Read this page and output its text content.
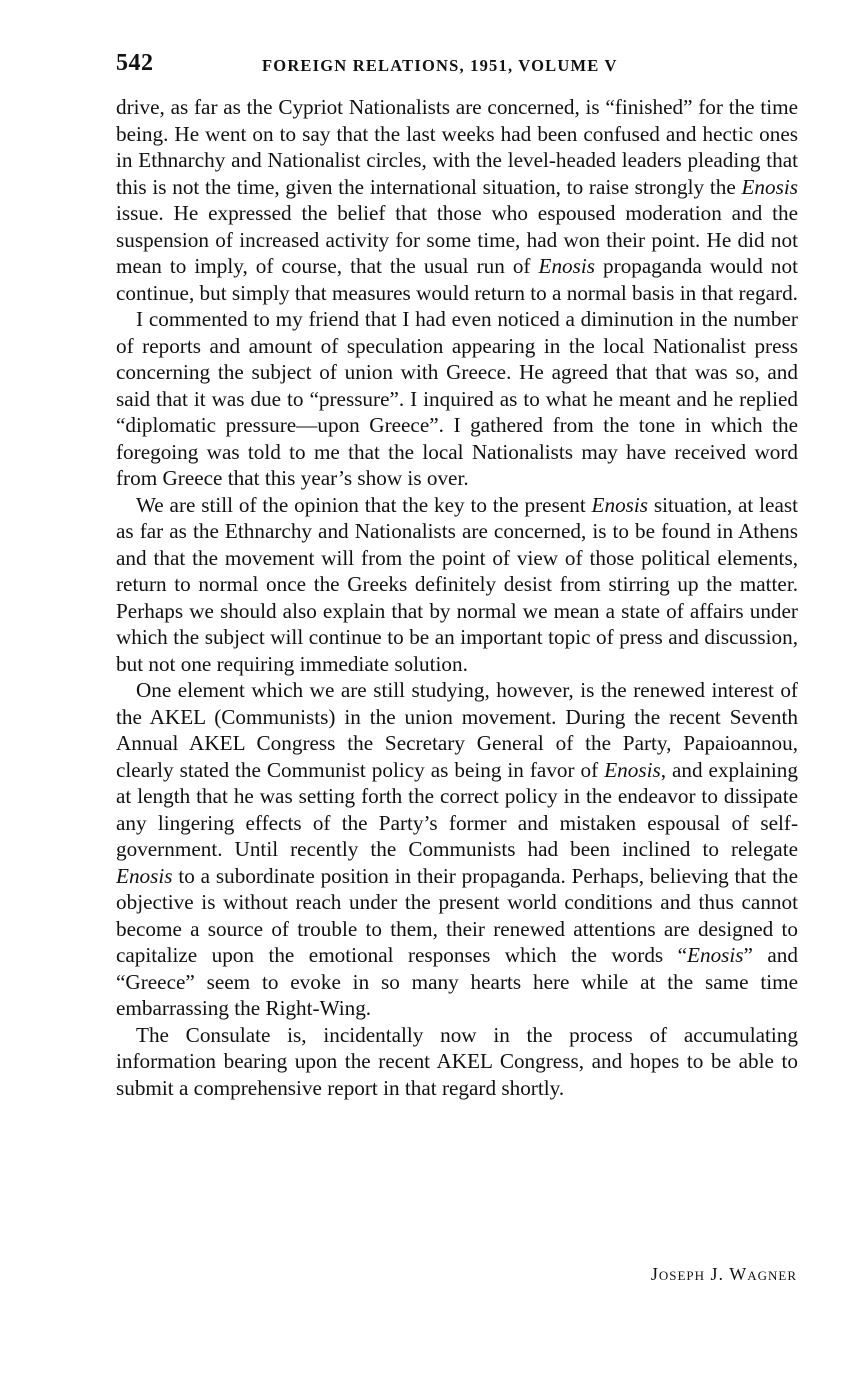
542	FOREIGN RELATIONS, 1951, VOLUME V

drive, as far as the Cypriot Nationalists are concerned, is “finished” for the time being. He went on to say that the last weeks had been confused and hectic ones in Ethnarchy and Nationalist circles, with the level-headed leaders pleading that this is not the time, given the international situation, to raise strongly the Enosis issue. He expressed the belief that those who espoused moderation and the suspension of increased activity for some time, had won their point. He did not mean to imply, of course, that the usual run of Enosis propaganda would not continue, but simply that measures would return to a normal basis in that regard.

I commented to my friend that I had even noticed a diminution in the number of reports and amount of speculation appearing in the local Nationalist press concerning the subject of union with Greece. He agreed that that was so, and said that it was due to “pressure”. I inquired as to what he meant and he replied “diplomatic pressure—upon Greece”. I gathered from the tone in which the foregoing was told to me that the local Nationalists may have received word from Greece that this year’s show is over.

We are still of the opinion that the key to the present Enosis situation, at least as far as the Ethnarchy and Nationalists are concerned, is to be found in Athens and that the movement will from the point of view of those political elements, return to normal once the Greeks definitely desist from stirring up the matter. Perhaps we should also explain that by normal we mean a state of affairs under which the subject will continue to be an important topic of press and discussion, but not one requiring immediate solution.

One element which we are still studying, however, is the renewed interest of the AKEL (Communists) in the union movement. During the recent Seventh Annual AKEL Congress the Secretary General of the Party, Papaioannou, clearly stated the Communist policy as being in favor of Enosis, and explaining at length that he was setting forth the correct policy in the endeavor to dissipate any lingering effects of the Party’s former and mistaken espousal of self-government. Until recently the Communists had been inclined to relegate Enosis to a subordinate position in their propaganda. Perhaps, believing that the objective is without reach under the present world conditions and thus cannot become a source of trouble to them, their renewed attentions are designed to capitalize upon the emotional responses which the words “Enosis” and “Greece” seem to evoke in so many hearts here while at the same time embarrassing the Right-Wing.

The Consulate is, incidentally now in the process of accumulating information bearing upon the recent AKEL Congress, and hopes to be able to submit a comprehensive report in that regard shortly.

Joseph J. Wagner
